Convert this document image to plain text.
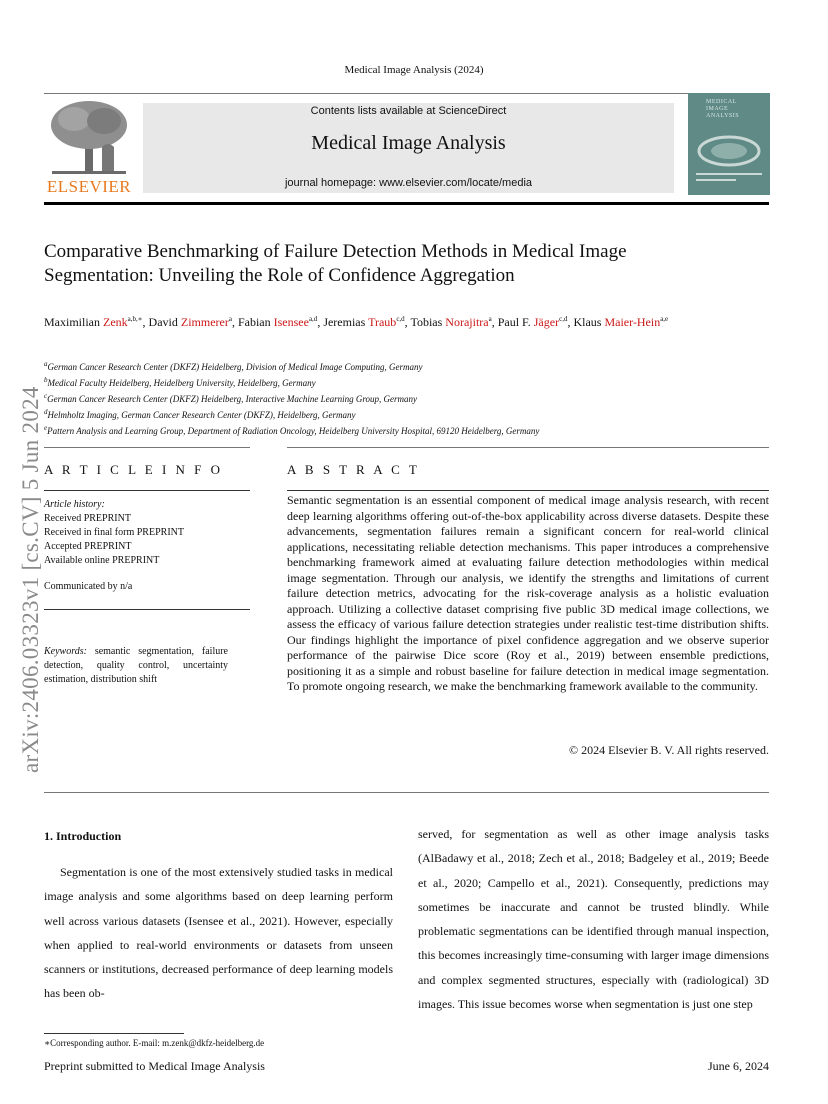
Medical Image Analysis (2024)
ELSEVIER
Contents lists available at ScienceDirect
Medical Image Analysis
journal homepage: www.elsevier.com/locate/media
MEDICAL
IMAGE
ANALYSIS
arXiv:2406.03323v1 [cs.CV] 5 Jun 2024
Comparative Benchmarking of Failure Detection Methods in Medical Image Segmentation: Unveiling the Role of Confidence Aggregation
Maximilian Zenk$^{a,b,∗}$, David Zimmerer$^a$, Fabian Isensee$^{a,d}$, Jeremias Traub$^{c,d}$, Tobias Norajitra$^a$, Paul F. Jäger$^{c,d}$, Klaus Maier-Hein$^{a,e}$
$^a$German Cancer Research Center (DKFZ) Heidelberg, Division of Medical Image Computing, Germany
$^b$Medical Faculty Heidelberg, Heidelberg University, Heidelberg, Germany
$^c$German Cancer Research Center (DKFZ) Heidelberg, Interactive Machine Learning Group, Germany
$^d$Helmholtz Imaging, German Cancer Research Center (DKFZ), Heidelberg, Germany
$^e$Pattern Analysis and Learning Group, Department of Radiation Oncology, Heidelberg University Hospital, 69120 Heidelberg, Germany
A R T I C L E I N F O
Article history:
Received PREPRINT
Received in final form PREPRINT
Accepted PREPRINT
Available online PREPRINT
Communicated by n/a
Keywords: semantic segmentation, failure detection, quality control, uncertainty estimation, distribution shift
A B S T R A C T
Semantic segmentation is an essential component of medical image analysis research, with recent deep learning algorithms offering out-of-the-box applicability across diverse datasets. Despite these advancements, segmentation failures remain a significant concern for real-world clinical applications, necessitating reliable detection mechanisms. This paper introduces a comprehensive benchmarking framework aimed at evaluating failure detection methodologies within medical image segmentation. Through our analysis, we identify the strengths and limitations of current failure detection metrics, advocating for the risk-coverage analysis as a holistic evaluation approach. Utilizing a collective dataset comprising five public 3D medical image collections, we assess the efficacy of various failure detection strategies under realistic test-time distribution shifts. Our findings highlight the importance of pixel confidence aggregation and we observe superior performance of the pairwise Dice score (Roy et al., 2019) between ensemble predictions, positioning it as a simple and robust baseline for failure detection in medical image segmentation. To promote ongoing research, we make the benchmarking framework available to the community.
© 2024 Elsevier B. V. All rights reserved.
1. Introduction
Segmentation is one of the most extensively studied tasks in medical image analysis and some algorithms based on deep learning perform well across various datasets (Isensee et al., 2021). However, especially when applied to real-world environments or datasets from unseen scanners or institutions, decreased performance of deep learning models has been ob-
served, for segmentation as well as other image analysis tasks (AlBadawy et al., 2018; Zech et al., 2018; Badgeley et al., 2019; Beede et al., 2020; Campello et al., 2021). Consequently, predictions may sometimes be inaccurate and cannot be trusted blindly. While problematic segmentations can be identified through manual inspection, this becomes increasingly time-consuming with larger image dimensions and complex segmented structures, especially with (radiological) 3D images. This issue becomes worse when segmentation is just one step
∗Corresponding author. E-mail: m.zenk@dkfz-heidelberg.de
Preprint submitted to Medical Image Analysis	June 6, 2024
